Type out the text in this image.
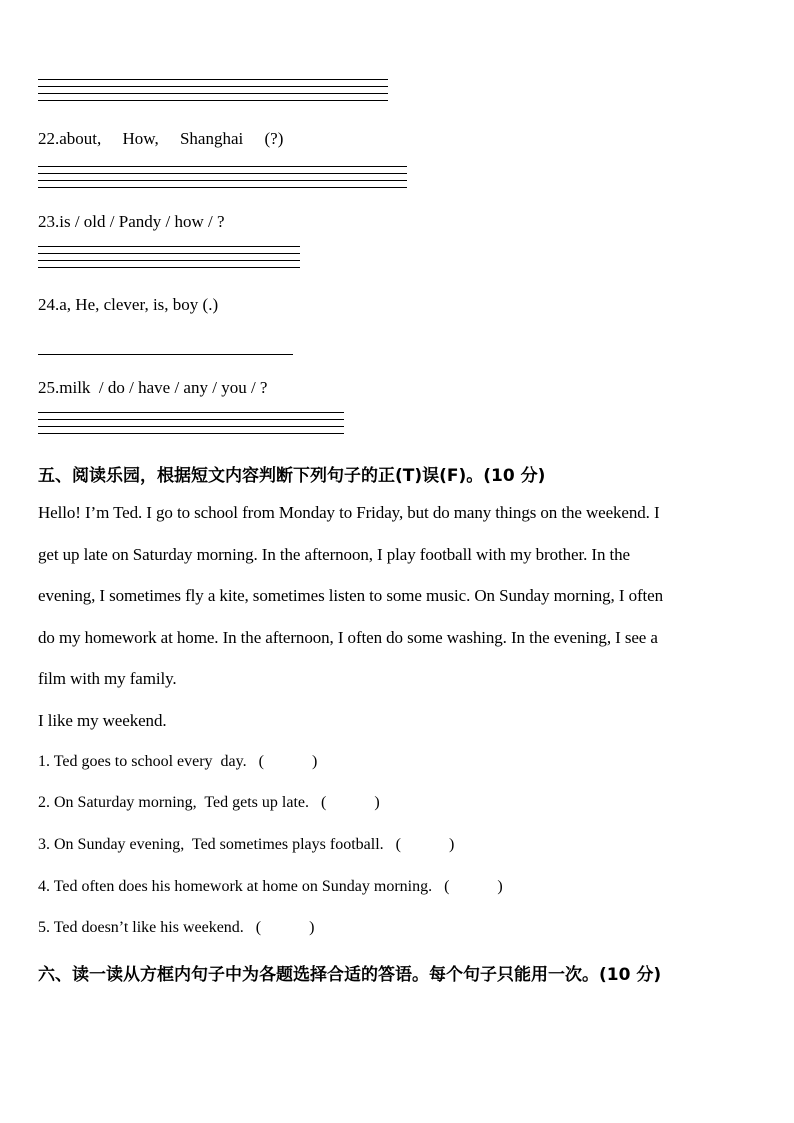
22.about,     How,     Shanghai     (?)
23.is / old / Pandy / how / ?
24.a, He, clever, is, boy (.)
25.milk  / do / have / any / you / ?
五、阅读乐园，根据短文内容判断下列句子的正(T)误(F)。(10 分)
Hello! I’m Ted. I go to school from Monday to Friday, but do many things on the weekend. I
get up late on Saturday morning. In the afternoon, I play football with my brother. In the
evening, I sometimes fly a kite, sometimes listen to some music. On Sunday morning, I often
do my homework at home. In the afternoon, I often do some washing. In the evening, I see a
film with my family.
I like my weekend.
1. Ted goes to school every  day.   (            )
2. On Saturday morning,  Ted gets up late.   (            )
3. On Sunday evening,  Ted sometimes plays football.   (            )
4. Ted often does his homework at home on Sunday morning.   (            )
5. Ted doesn’t like his weekend.   (            )
六、读一读从方框内句子中为各题选择合适的答语。每个句子只能用一次。(10 分)
